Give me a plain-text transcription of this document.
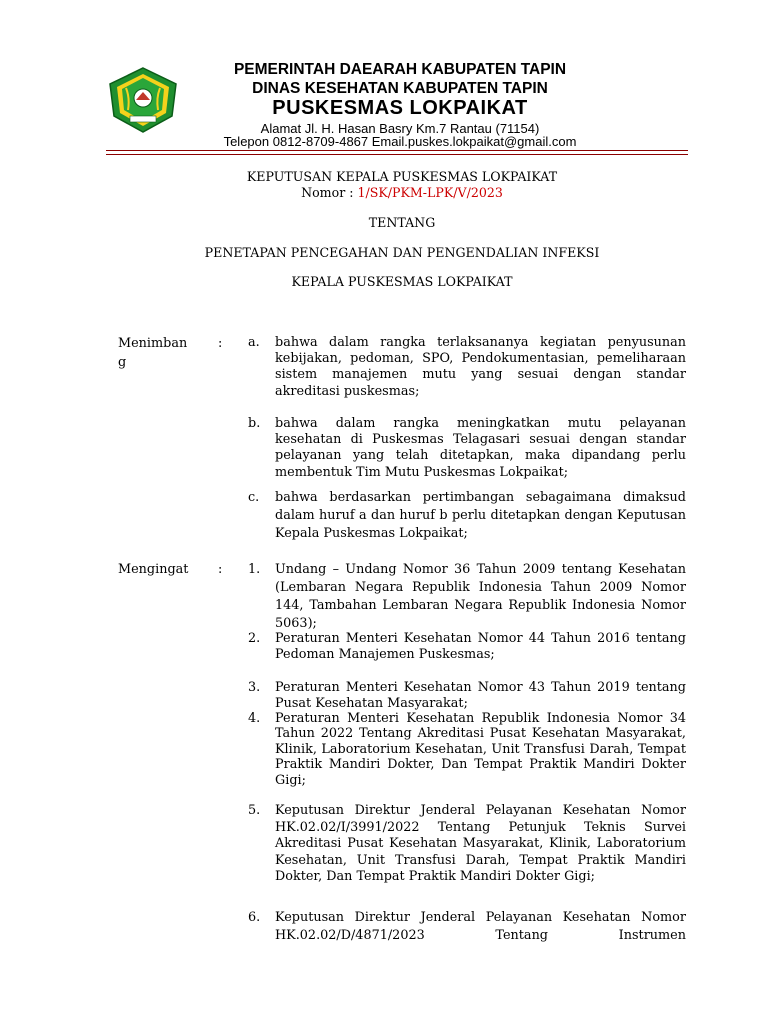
PEMERINTAH DAEARAH KABUPATEN TAPIN
DINAS KESEHATAN KABUPATEN TAPIN
PUSKESMAS LOKPAIKAT
Alamat Jl. H. Hasan Basry Km.7 Rantau (71154)
Telepon 0812-8709-4867 Email.puskes.lokpaikat@gmail.com
KEPUTUSAN KEPALA PUSKESMAS LOKPAIKAT
Nomor : 1/SK/PKM-LPK/V/2023
TENTANG
PENETAPAN PENCEGAHAN DAN PENGENDALIAN INFEKSI
KEPALA PUSKESMAS LOKPAIKAT
Menimban
g
: a. bahwa dalam rangka terlaksananya kegiatan penyusunan kebijakan, pedoman, SPO, Pendokumentasian, pemeliharaan sistem manajemen mutu yang sesuai dengan standar akreditasi puskesmas;
b. bahwa dalam rangka meningkatkan mutu pelayanan kesehatan di Puskesmas Telagasari sesuai dengan standar pelayanan yang telah ditetapkan, maka dipandang perlu membentuk Tim Mutu Puskesmas Lokpaikat;
c. bahwa berdasarkan pertimbangan sebagaimana dimaksud dalam huruf a dan huruf b perlu ditetapkan dengan Keputusan Kepala Puskesmas Lokpaikat;
Mengingat : 1. Undang – Undang Nomor 36 Tahun 2009 tentang Kesehatan (Lembaran Negara Republik Indonesia Tahun 2009 Nomor 144, Tambahan Lembaran Negara Republik Indonesia Nomor 5063);
2. Peraturan Menteri Kesehatan Nomor 44 Tahun 2016 tentang Pedoman Manajemen Puskesmas;
3. Peraturan Menteri Kesehatan Nomor 43 Tahun 2019 tentang Pusat Kesehatan Masyarakat;
4. Peraturan Menteri Kesehatan Republik Indonesia Nomor 34 Tahun 2022 Tentang Akreditasi Pusat Kesehatan Masyarakat, Klinik, Laboratorium Kesehatan, Unit Transfusi Darah, Tempat Praktik Mandiri Dokter, Dan Tempat Praktik Mandiri Dokter Gigi;
5. Keputusan Direktur Jenderal Pelayanan Kesehatan Nomor HK.02.02/I/3991/2022 Tentang Petunjuk Teknis Survei Akreditasi Pusat Kesehatan Masyarakat, Klinik, Laboratorium Kesehatan, Unit Transfusi Darah, Tempat Praktik Mandiri Dokter, Dan Tempat Praktik Mandiri Dokter Gigi;
6. Keputusan Direktur Jenderal Pelayanan Kesehatan Nomor HK.02.02/D/4871/2023 Tentang Instrumen
